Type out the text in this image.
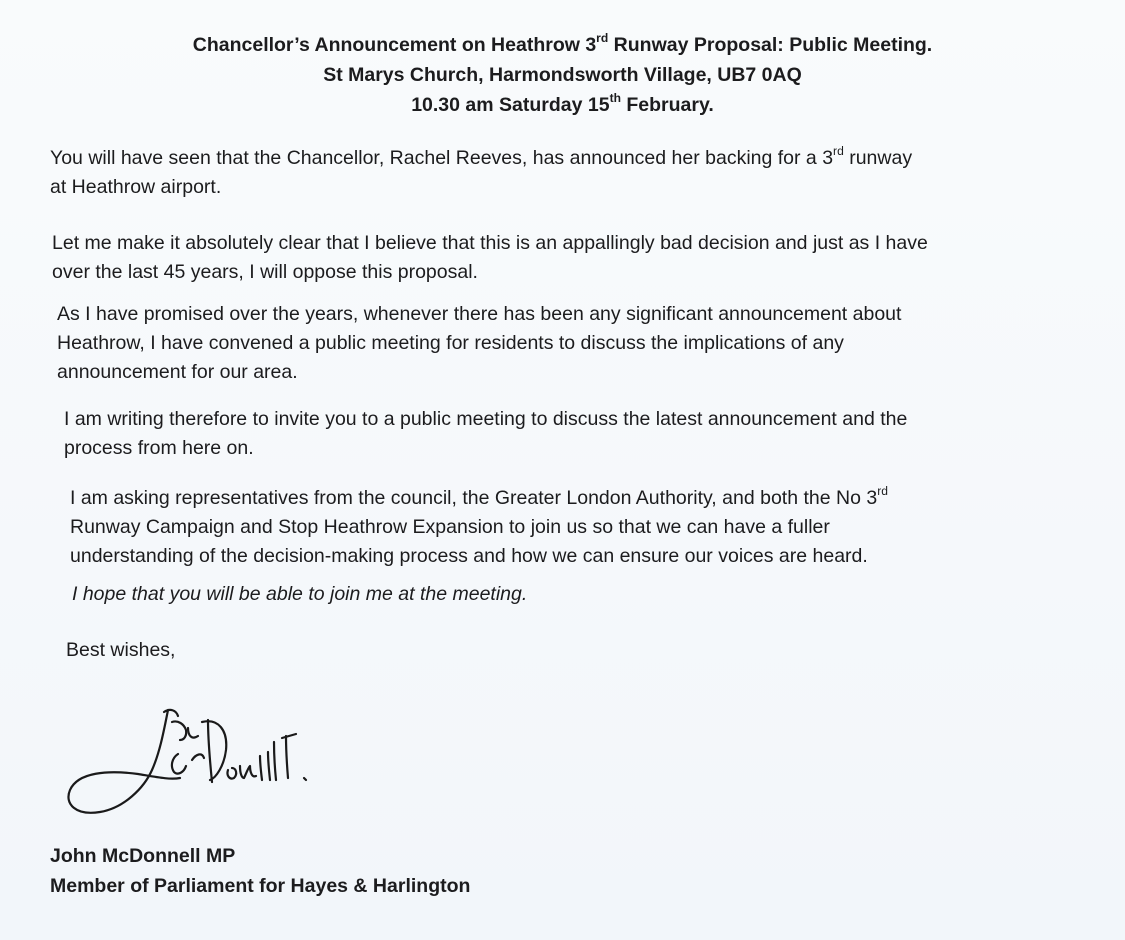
Chancellor’s Announcement on Heathrow 3rd Runway Proposal: Public Meeting.
St Marys Church, Harmondsworth Village, UB7 0AQ
10.30 am Saturday 15th February.
You will have seen that the Chancellor, Rachel Reeves, has announced her backing for a 3rd runway
at Heathrow airport.
Let me make it absolutely clear that I believe that this is an appallingly bad decision and just as I have
over the last 45 years, I will oppose this proposal.
As I have promised over the years, whenever there has been any significant announcement about
Heathrow, I have convened a public meeting for residents to discuss the implications of any
announcement for our area.
I am writing therefore to invite you to a public meeting to discuss the latest announcement and the
process from here on.
I am asking representatives from the council, the Greater London Authority, and both the No 3rd
Runway Campaign and Stop Heathrow Expansion to join us so that we can have a fuller
understanding of the decision-making process and how we can ensure our voices are heard.
I hope that you will be able to join me at the meeting.
Best wishes,
John McDonnell MP
Member of Parliament for Hayes & Harlington
